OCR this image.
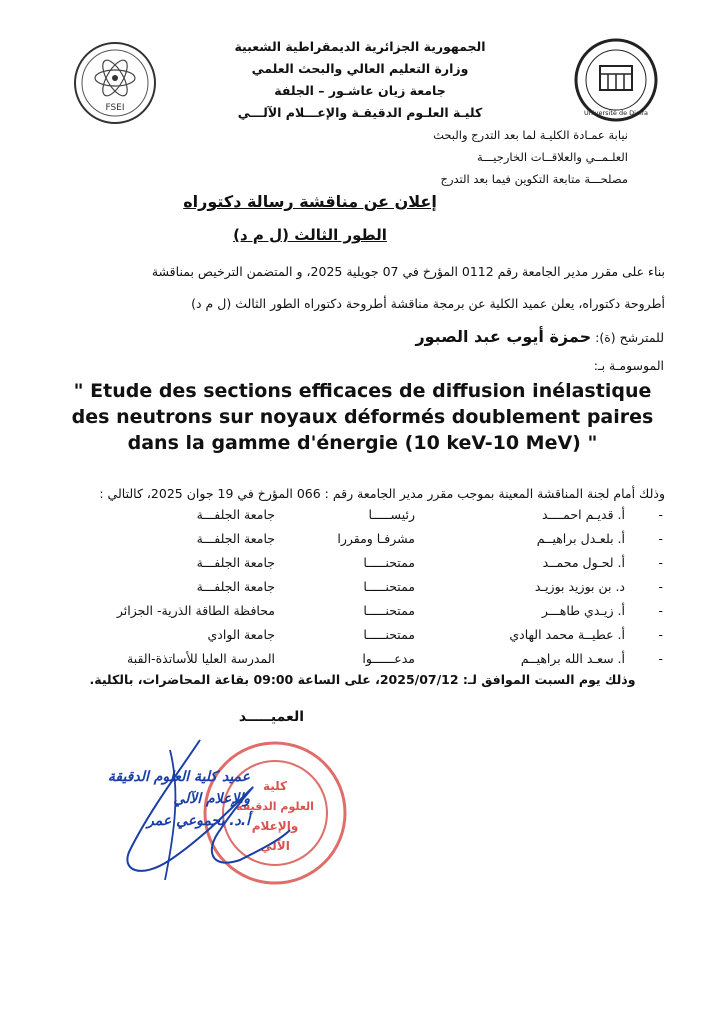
FSEI	Université de Djelfa
الجمهورية الجزائرية الديمقراطية الشعبية
وزارة التعليم العالي والبحث العلمي
جامعة زيان عاشـور – الجلفة
كليـة العلـوم الدقيقـة والإعـــلام الآلـــي
نيابة عمـادة الكليـة لما بعد التدرج والبحث
العلـمــي والعلاقــات الخارجيـــة
مصلحـــة متابعة التكوين فيما بعد التدرج
إعلان عن مناقشة رسالة دكتوراه
الطور الثالث (ل م د)
بناء على مقرر مدير الجامعة رقم 0112 المؤرخ في 07 جويلية 2025، و المتضمن الترخيص بمناقشة
أطروحة دكتوراه، يعلن عميد الكلية عن برمجة مناقشة أطروحة دكتوراه الطور الثالث (ل م د)
للمترشح (ة): حمزة أيوب عبد الصبور
الموسومـة بـ:
" Etude des sections efficaces de diffusion inélastique
des neutrons sur noyaux déformés doublement paires
dans la gamme d'énergie (10 keV-10 MeV) "
وذلك أمام لجنة المناقشة المعينة بموجب مقرر مدير الجامعة رقم : 066 المؤرخ في 19 جوان 2025، كالتالي :
-
أ. قديـم احمــــد
رئيســـــا
جامعة الجلفـــة
-
أ. بلعـدل براهيــم
مشرفـا ومقررا
جامعة الجلفـــة
-
أ. لحـول محمــد
ممتحنـــــا
جامعة الجلفـــة
-
د. بن بوزيد بوزيـد
ممتحنـــــا
جامعة الجلفـــة
-
أ. زيـدي طاهـــر
ممتحنـــــا
محافظة الطاقة الذرية- الجزائر
-
أ. عطيــة محمد الهادي
ممتحنـــــا
جامعة الوادي
-
أ. سعـد الله براهيــم
مدعــــــوا
المدرسة العليا للأساتذة-القبة
وذلك يوم السبت الموافق لـ: 2025/07/12، على الساعة 09:00 بقاعة المحاضرات، بالكلية.
العميـــــد
كلية
العلوم الدقيقة
والإعلام
الآلي
عميد كلية العلوم الدقيقة
والإعلام الآلي
أ.د. بحموعي عمر
